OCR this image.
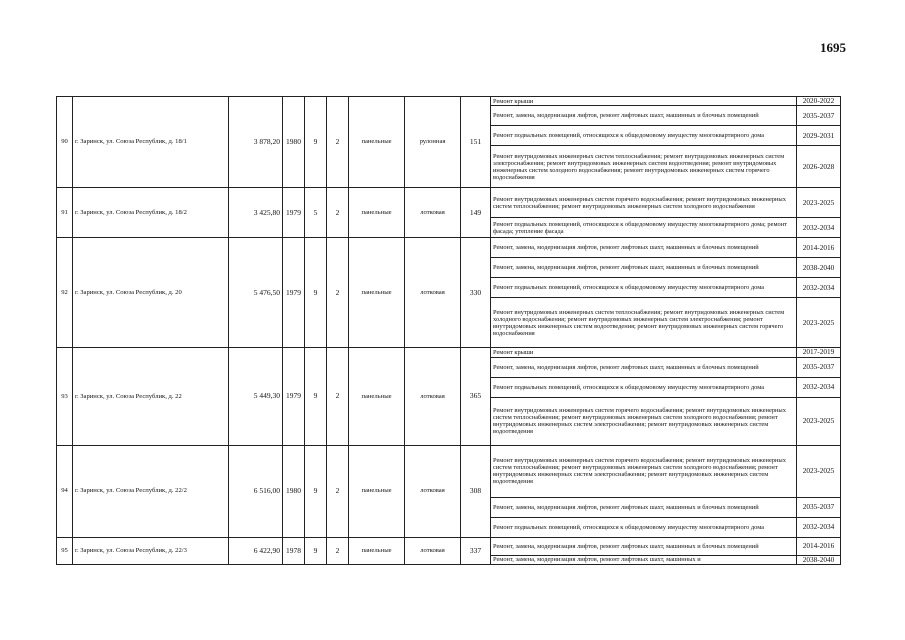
1695
90	г. Заринск, ул. Союза Республик, д. 18/1	3 878,20	1980	9	2	панельные	рулонная	151	Ремонт крыши	2020-2022
									Ремонт, замена, модернизация лифтов, ремонт лифтовых шахт, машинных и блочных помещений	2035-2037
									Ремонт подвальных помещений, относящихся к общедомовому имуществу многоквартирного дома	2029-2031
									Ремонт внутридомовых инженерных систем теплоснабжения; ремонт внутридомовых инженерных систем электроснабжения; ремонт внутридомовых инженерных систем водоотведения; ремонт внутридомовых инженерных систем холодного водоснабжения; ремонт внутридомовых инженерных систем горячего водоснабжения	2026-2028
91	г. Заринск, ул. Союза Республик, д. 18/2	3 425,80	1979	5	2	панельные	лотковая	149	Ремонт внутридомовых инженерных систем горячего водоснабжения; ремонт внутридомовых инженерных систем теплоснабжения; ремонт внутридомовых инженерных систем холодного водоснабжения	2023-2025
									Ремонт подвальных помещений, относящихся к общедомовому имуществу многоквартирного дома; ремонт фасада; утепление фасада	2032-2034
92	г. Заринск, ул. Союза Республик, д. 20	5 476,50	1979	9	2	панельные	лотковая	330	Ремонт, замена, модернизация лифтов, ремонт лифтовых шахт, машинных и блочных помещений	2014-2016
									Ремонт, замена, модернизация лифтов, ремонт лифтовых шахт, машинных и блочных помещений	2038-2040
									Ремонт подвальных помещений, относящихся к общедомовому имуществу многоквартирного дома	2032-2034
									Ремонт внутридомовых инженерных систем теплоснабжения; ремонт внутридомовых инженерных систем холодного водоснабжения; ремонт внутридомовых инженерных систем электроснабжения; ремонт внутридомовых инженерных систем водоотведения; ремонт внутридомовых инженерных систем горячего водоснабжения	2023-2025
93	г. Заринск, ул. Союза Республик, д. 22	5 449,30	1979	9	2	панельные	лотковая	365	Ремонт крыши	2017-2019
									Ремонт, замена, модернизация лифтов, ремонт лифтовых шахт, машинных и блочных помещений	2035-2037
									Ремонт подвальных помещений, относящихся к общедомовому имуществу многоквартирного дома	2032-2034
									Ремонт внутридомовых инженерных систем горячего водоснабжения; ремонт внутридомовых инженерных систем теплоснабжения; ремонт внутридомовых инженерных систем холодного водоснабжения; ремонт внутридомовых инженерных систем электроснабжения; ремонт внутридомовых инженерных систем водоотведения	2023-2025
94	г. Заринск, ул. Союза Республик, д. 22/2	6 516,00	1980	9	2	панельные	лотковая	308	Ремонт внутридомовых инженерных систем горячего водоснабжения; ремонт внутридомовых инженерных систем теплоснабжения; ремонт внутридомовых инженерных систем холодного водоснабжения; ремонт внутридомовых инженерных систем электроснабжения; ремонт внутридомовых инженерных систем водоотведения	2023-2025
									Ремонт, замена, модернизация лифтов, ремонт лифтовых шахт, машинных и блочных помещений	2035-2037
									Ремонт подвальных помещений, относящихся к общедомовому имуществу многоквартирного дома	2032-2034
95	г. Заринск, ул. Союза Республик, д. 22/3	6 422,90	1978	9	2	панельные	лотковая	337	Ремонт, замена, модернизация лифтов, ремонт лифтовых шахт, машинных и блочных помещений	2014-2016
									Ремонт, замена, модернизация лифтов, ремонт лифтовых шахт, машинных и	2038-2040
